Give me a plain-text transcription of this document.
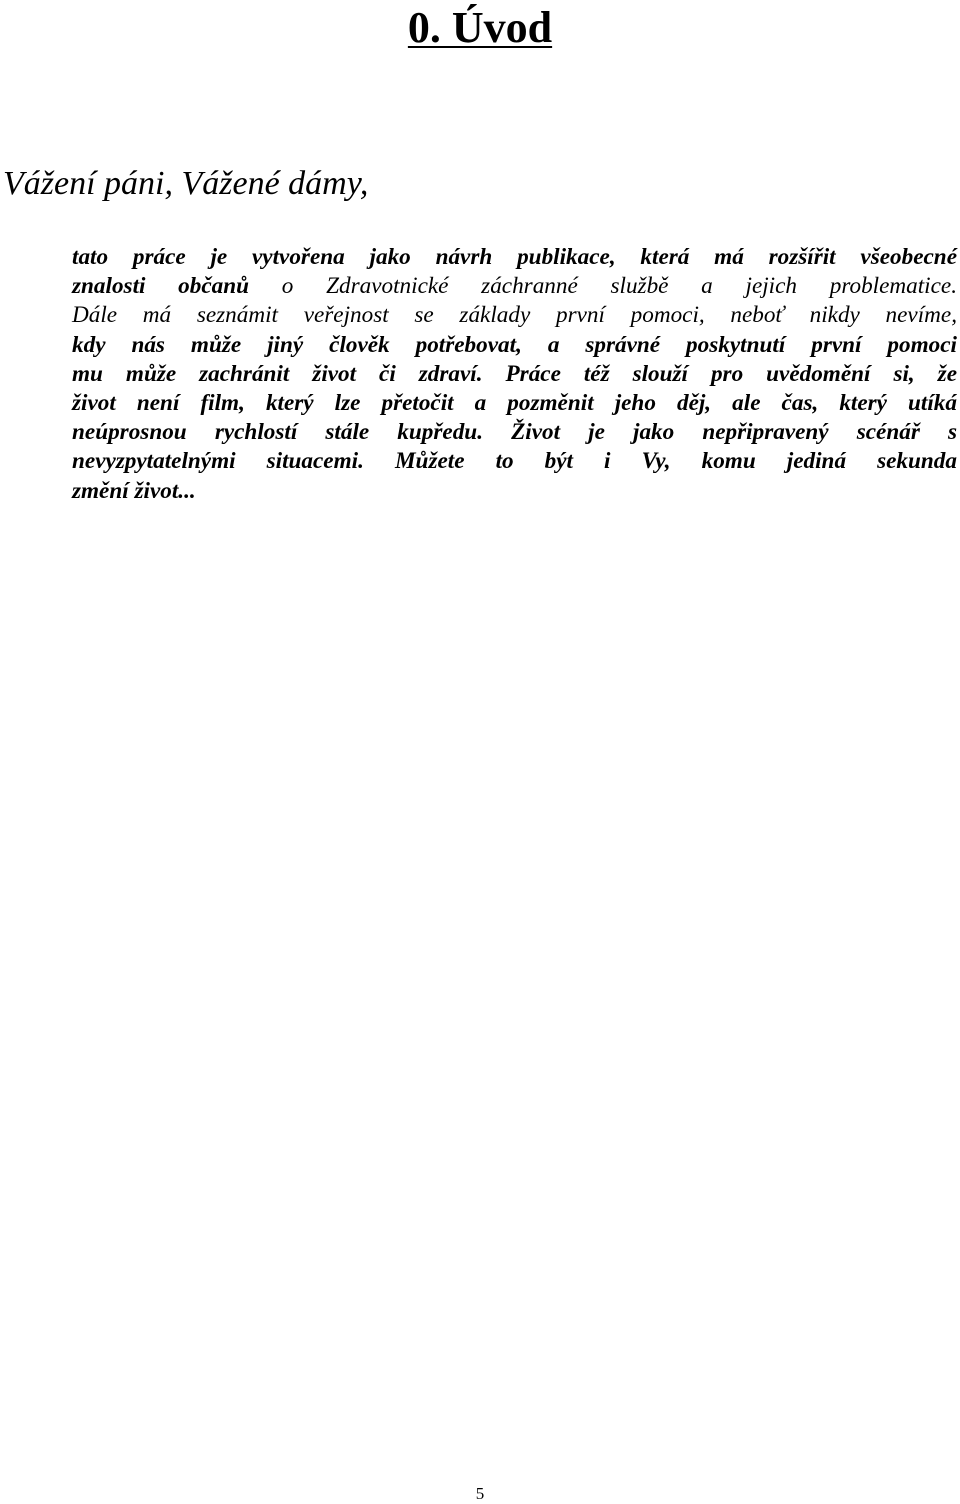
0. Úvod
Vážení páni, Vážené dámy,
tato práce je vytvořena jako návrh publikace, která má rozšířit všeobecné
znalosti občanů o Zdravotnické záchranné službě a jejich problematice.
Dále má seznámit veřejnost se základy první pomoci, neboť nikdy nevíme,
kdy nás může jiný člověk potřebovat, a správné poskytnutí první pomoci
mu může zachránit život či zdraví. Práce též slouží pro uvědomění si, že
život není film, který lze přetočit a pozměnit jeho děj, ale čas, který utíká
neúprosnou rychlostí stále kupředu. Život je jako nepřipravený scénář s
nevyzpytatelnými situacemi. Můžete to být i Vy, komu jediná sekunda
změní život...
5
